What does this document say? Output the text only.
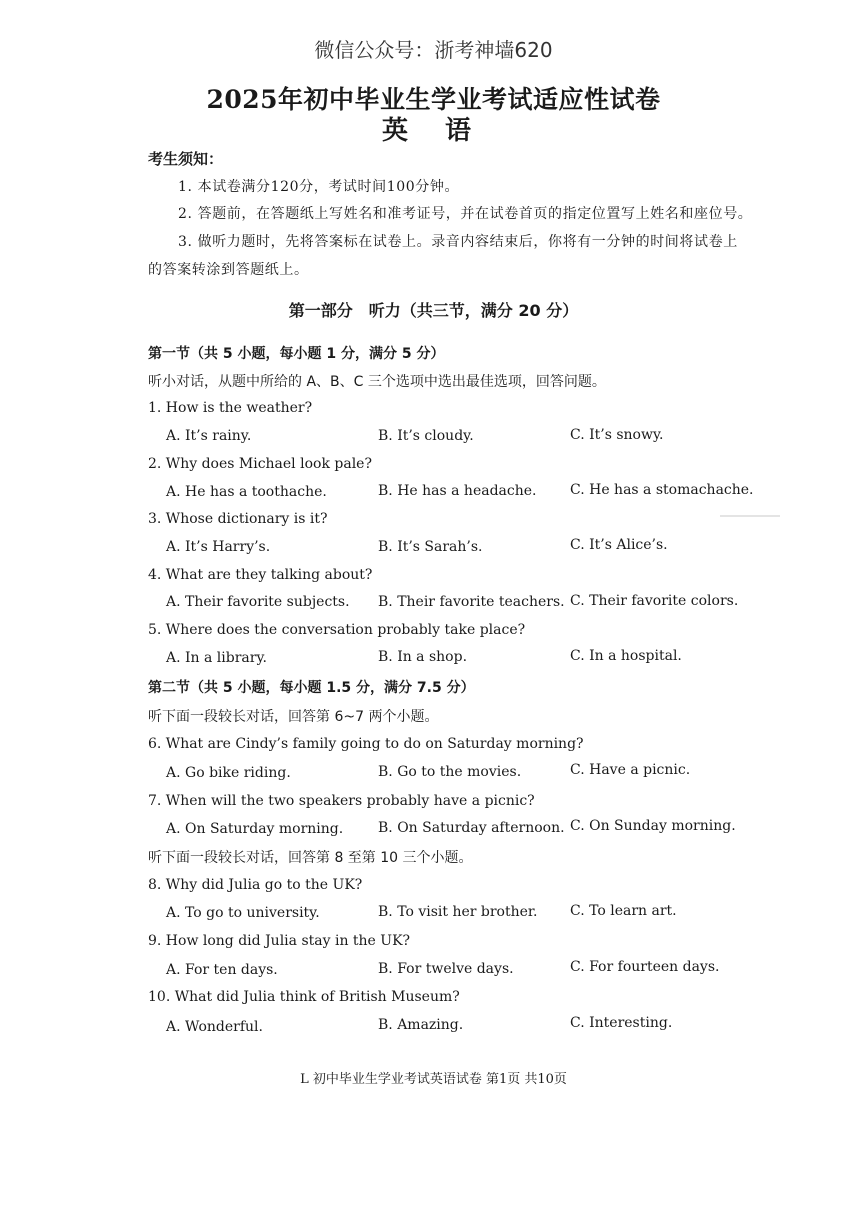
微信公众号：浙考神墙620
2025年初中毕业生学业考试适应性试卷
英 语
考生须知：
1. 本试卷满分120分，考试时间100分钟。
2. 答题前，在答题纸上写姓名和准考证号，并在试卷首页的指定位置写上姓名和座位号。
3. 做听力题时，先将答案标在试卷上。录音内容结束后，你将有一分钟的时间将试卷上
的答案转涂到答题纸上。
第一部分　听力（共三节，满分 20 分）
第一节（共 5 小题，每小题 1 分，满分 5 分）
听小对话，从题中所给的 A、B、C 三个选项中选出最佳选项，回答问题。
1. How is the weather?
A. It’s rainy.	B. It’s cloudy.	C. It’s snowy.
2. Why does Michael look pale?
A. He has a toothache.	B. He has a headache. C. He has a stomachache.
3. Whose dictionary is it?
A. It’s Harry’s.	B. It’s Sarah’s.	C. It’s Alice’s.
4. What are they talking about?
A. Their favorite subjects. B. Their favorite teachers. C. Their favorite colors.
5. Where does the conversation probably take place?
A. In a library.	B. In a shop.	C. In a hospital.
第二节（共 5 小题，每小题 1.5 分，满分 7.5 分）
听下面一段较长对话，回答第 6~7 两个小题。
6. What are Cindy’s family going to do on Saturday morning?
A. Go bike riding.	B. Go to the movies.	C. Have a picnic.
7. When will the two speakers probably have a picnic?
A. On Saturday morning. B. On Saturday afternoon. C. On Sunday morning.
听下面一段较长对话，回答第 8 至第 10 三个小题。
8. Why did Julia go to the UK?
A. To go to university.	B. To visit her brother. C. To learn art.
9. How long did Julia stay in the UK?
A. For ten days.	B. For twelve days.	C. For fourteen days.
10. What did Julia think of British Museum?
A. Wonderful.	B. Amazing.	C. Interesting.
L 初中毕业生学业考试英语试卷 第1页 共10页
